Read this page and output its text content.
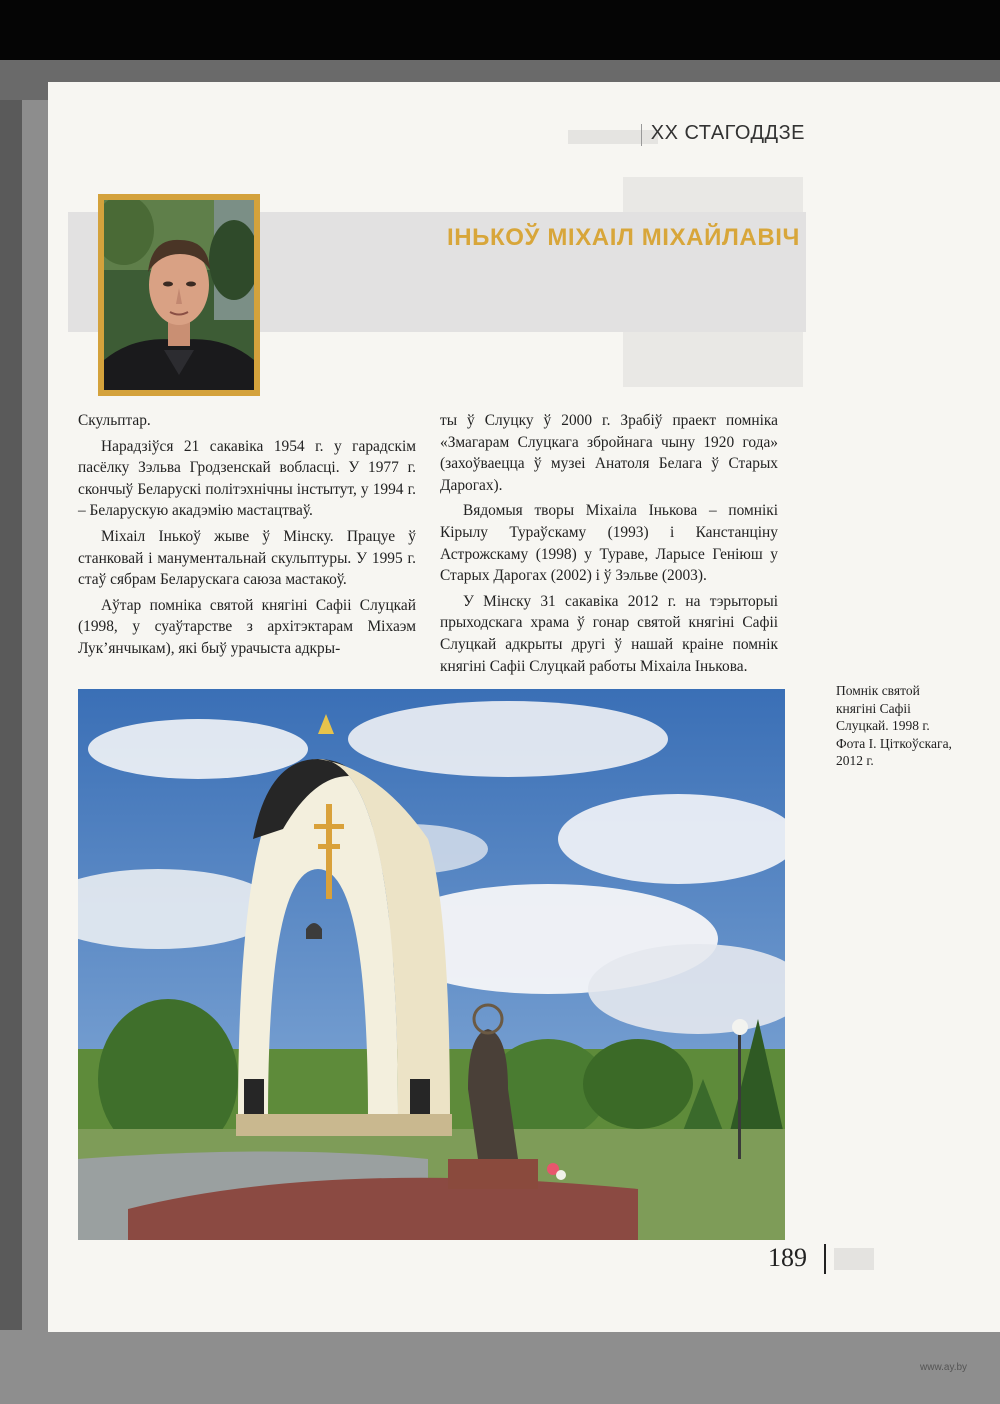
XX СТАГОДДЗЕ
ІНЬКОЎ МІХАІЛ МІХАЙЛАВІЧ

Скульптар.

Нарадзіўся 21 сакавіка 1954 г. у гарадскім пасёлку Зэльва Гродзенскай вобласці. У 1977 г. скончыў Беларускі політэхнічны інстытут, у 1994 г. – Беларускую акадэмію мастацтваў.

Міхаіл Інькоў жыве ў Мінску. Працуе ў станковай і манументальнай скульптуры. У 1995 г. стаў сябрам Беларускага саюза мастакоў.

Аўтар помніка святой княгіні Сафіі Слуцкай (1998, у суаўтарстве з архітэктарам Міхаэм Лук’янчыкам), які быў урачыста адкры-

ты ў Слуцку ў 2000 г. Зрабіў праект помніка «Змагарам Слуцкага збройнага чыну 1920 года» (захоўваецца ў музеі Анатоля Белага ў Старых Дарогах).

Вядомыя творы Міхаіла Інькова – помнікі Кірылу Тураўскаму (1993) і Канстанціну Астрожскаму (1998) у Тураве, Ларысе Геніюш у Старых Дарогах (2002) і ў Зэльве (2003).

У Мінску 31 сакавіка 2012 г. на тэрыторыі прыходскага храма ў гонар святой княгіні Сафіі Слуцкай адкрыты другі ў нашай краіне помнік княгіні Сафіі Слуцкай работы Міхаіла Інькова.

Помнік святой княгіні Сафіі Слуцкай. 1998 г. Фота І. Ціткоўскага, 2012 г.
189
www.ay.by
